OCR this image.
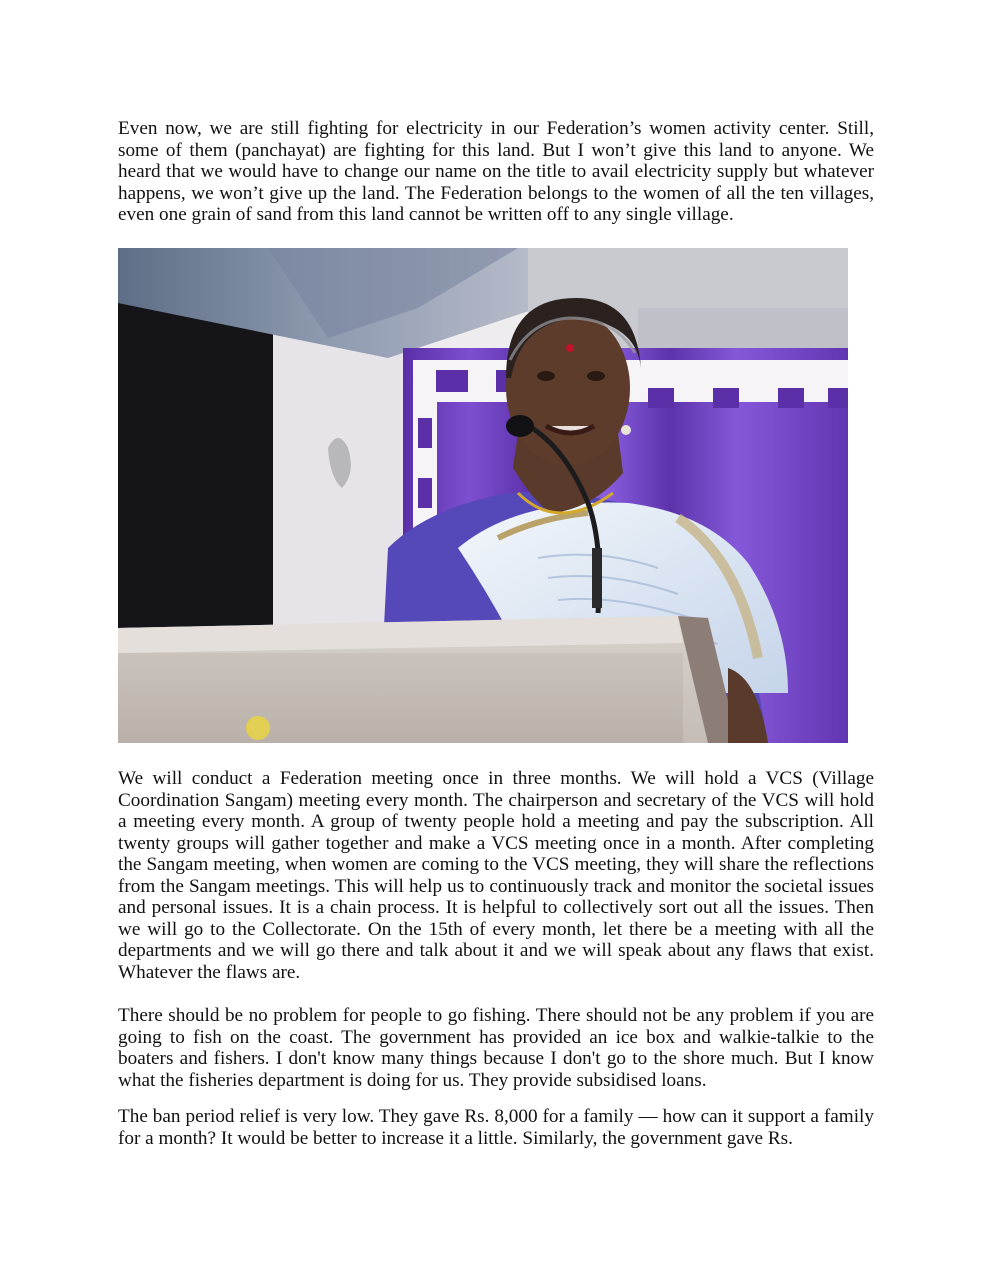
Even now, we are still fighting for electricity in our Federation’s women activity center. Still, some of them (panchayat) are fighting for this land. But I won’t give this land to anyone. We heard that we would have to change our name on the title to avail electricity supply but whatever happens, we won’t give up the land. The Federation belongs to the women of all the ten villages, even one grain of sand from this land cannot be written off to any single village.

We will conduct a Federation meeting once in three months. We will hold a VCS (Village Coordination Sangam) meeting every month. The chairperson and secretary of the VCS will hold a meeting every month. A group of twenty people hold a meeting and pay the subscription. All twenty groups will gather together and make a VCS meeting once in a month. After completing the Sangam meeting, when women are coming to the VCS meeting, they will share the reflections from the Sangam meetings. This will help us to continuously track and monitor the societal issues and personal issues. It is a chain process. It is helpful to collectively sort out all the issues. Then we will go to the Collectorate. On the 15th of every month, let there be a meeting with all the departments and we will go there and talk about it and we will speak about any flaws that exist. Whatever the flaws are.

There should be no problem for people to go fishing. There should not be any problem if you are going to fish on the coast. The government has provided an ice box and walkie-talkie to the boaters and fishers. I don't know many things because I don't go to the shore much. But I know what the fisheries department is doing for us. They provide subsidised loans.

The ban period relief is very low. They gave Rs. 8,000 for a family — how can it support a family for a month? It would be better to increase it a little. Similarly, the government gave Rs.
